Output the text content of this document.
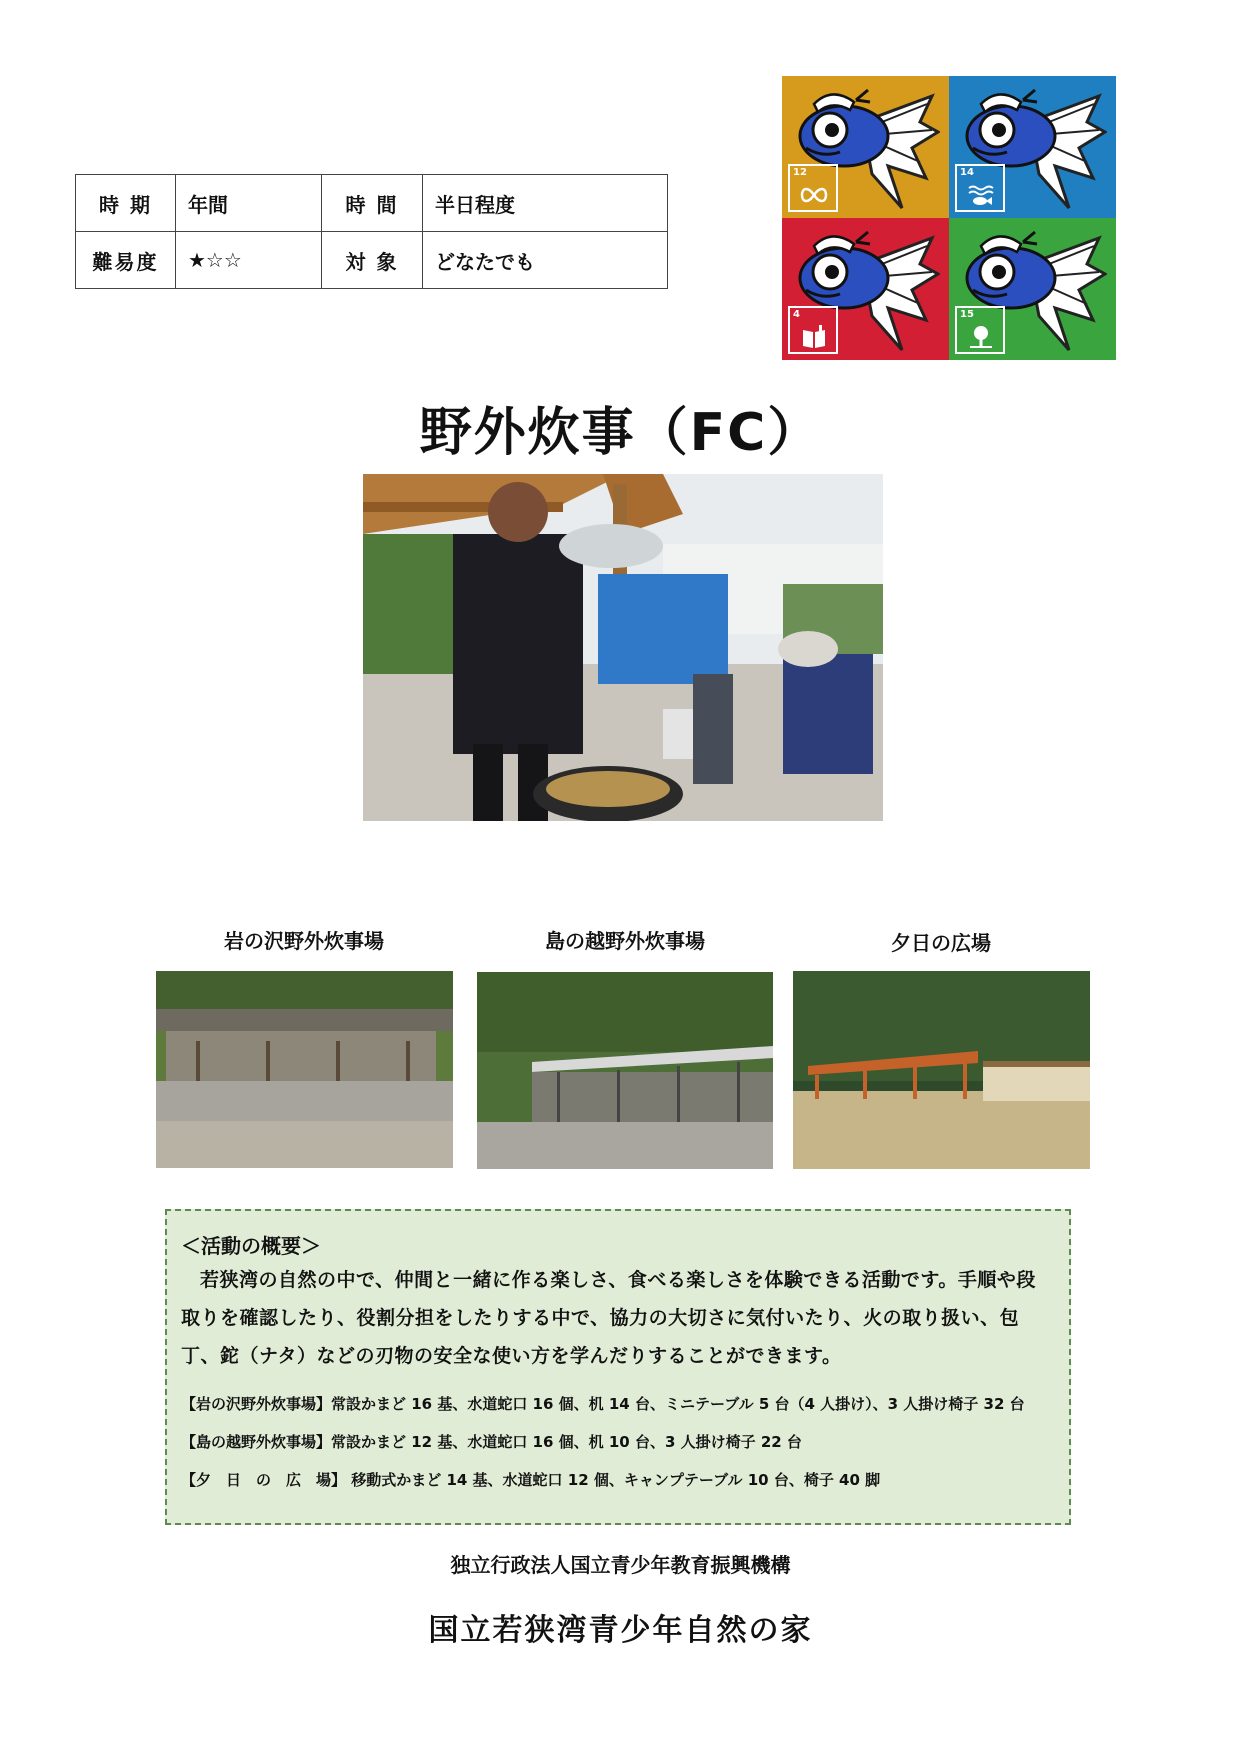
時 期	年間	時 間	半日程度
難易度	★☆☆	対 象	どなたでも
12	14
4	15
野外炊事（FC）
岩の沢野外炊事場	島の越野外炊事場	夕日の広場
＜活動の概要＞
若狭湾の自然の中で、仲間と一緒に作る楽しさ、食べる楽しさを体験できる活動です。手順や段取りを確認したり、役割分担をしたりする中で、協力の大切さに気付いたり、火の取り扱い、包丁、鉈（ナタ）などの刃物の安全な使い方を学んだりすることができます。
【岩の沢野外炊事場】常設かまど 16 基、水道蛇口 16 個、机 14 台、ミニテーブル 5 台（4 人掛け）、3 人掛け椅子 32 台
【島の越野外炊事場】常設かまど 12 基、水道蛇口 16 個、机 10 台、3 人掛け椅子 22 台
【夕　日　の　広　場】 移動式かまど 14 基、水道蛇口 12 個、キャンプテーブル 10 台、椅子 40 脚
独立行政法人国立青少年教育振興機構
国立若狭湾青少年自然の家
